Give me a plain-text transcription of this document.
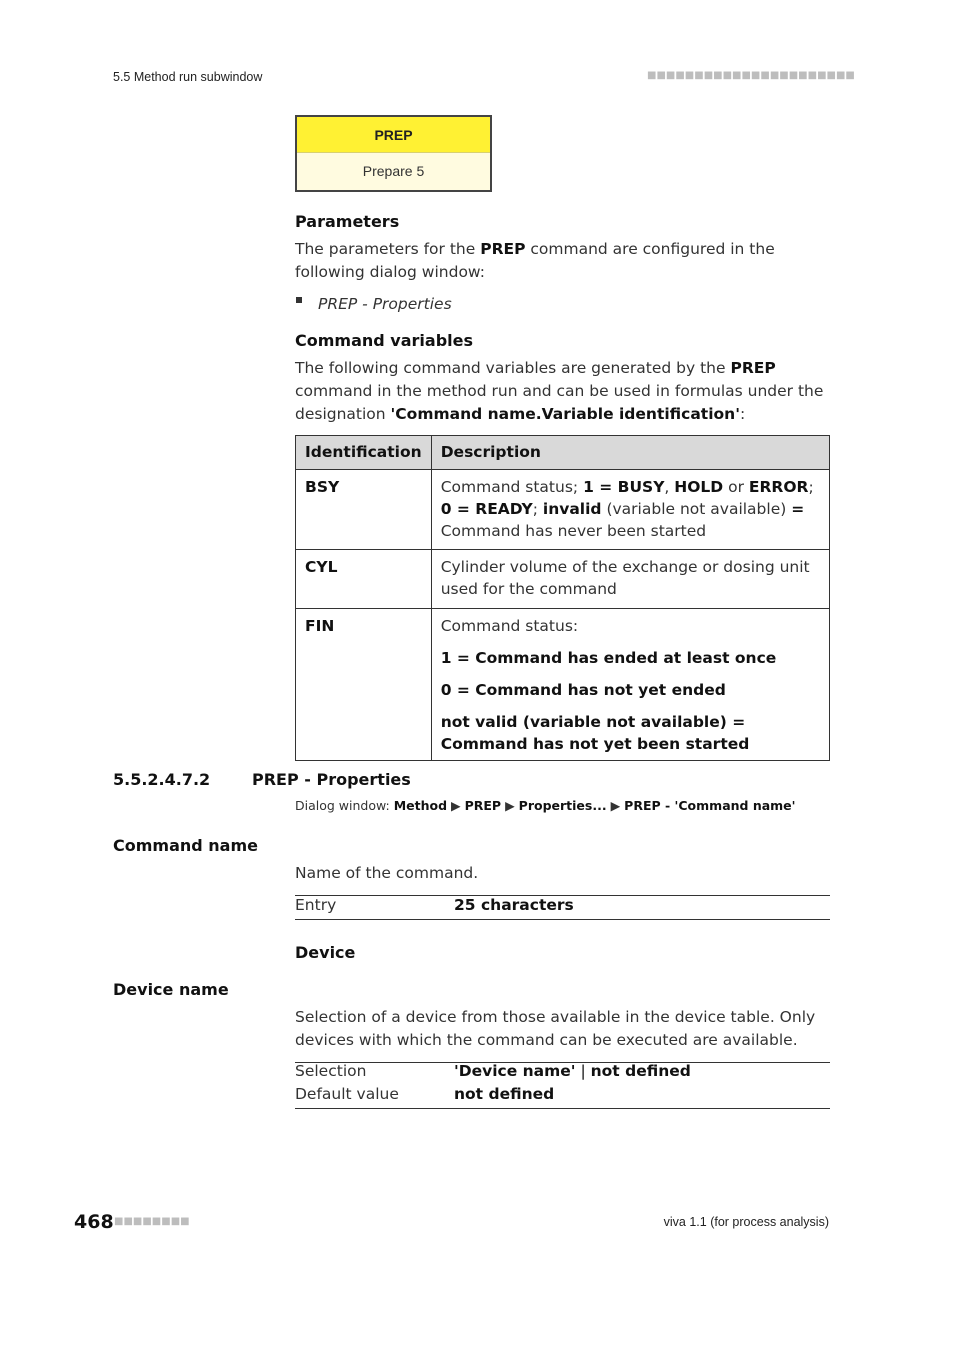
5.5 Method run subwindow	■■■■■■■■■■■■■■■■■■■■■■
PREP
Prepare 5
Parameters
The parameters for the PREP command are configured in the following dialog window:
PREP - Properties
Command variables
The following command variables are generated by the PREP command in the method run and can be used in formulas under the designation 'Command name.Variable identification':
Identification	Description
BSY	Command status; 1 = BUSY, HOLD or ERROR; 0 = READY; invalid (variable not available) = Command has never been started
CYL	Cylinder volume of the exchange or dosing unit used for the command
FIN	Command status:
1 = Command has ended at least once
0 = Command has not yet ended
not valid (variable not available) = Command has not yet been started
5.5.2.4.7.2	PREP - Properties
Dialog window: Method ▶ PREP ▶ Properties... ▶ PREP - 'Command name'
Command name
Name of the command.
Entry	25 characters
Device
Device name
Selection of a device from those available in the device table. Only devices with which the command can be executed are available.
Selection	'Device name' | not defined
Default value	not defined
468 ■■■■■■■■	viva 1.1 (for process analysis)
